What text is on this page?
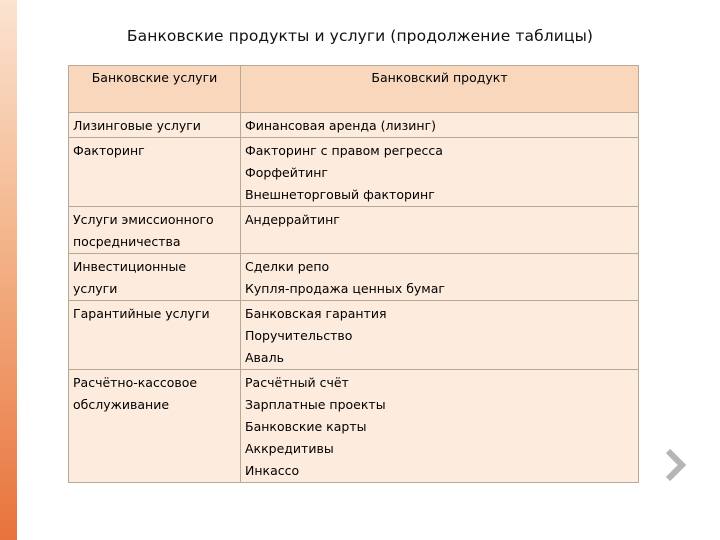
Банковские продукты и услуги (продолжение таблицы)
Банковские услуги	Банковский продукт

Лизинговые услуги	Финансовая аренда (лизинг)

Факторинг	Факторинг с правом регресса
Форфейтинг
Внешнеторговый факторинг

Услуги эмиссионного
посредничества	Андеррайтинг

Инвестиционные
услуги	Сделки репо
Купля-продажа ценных бумаг

Гарантийные услуги	Банковская гарантия
Поручительство
Аваль

Расчётно-кассовое
обслуживание	Расчётный счёт
Зарплатные проекты
Банковские карты
Аккредитивы
Инкассо
